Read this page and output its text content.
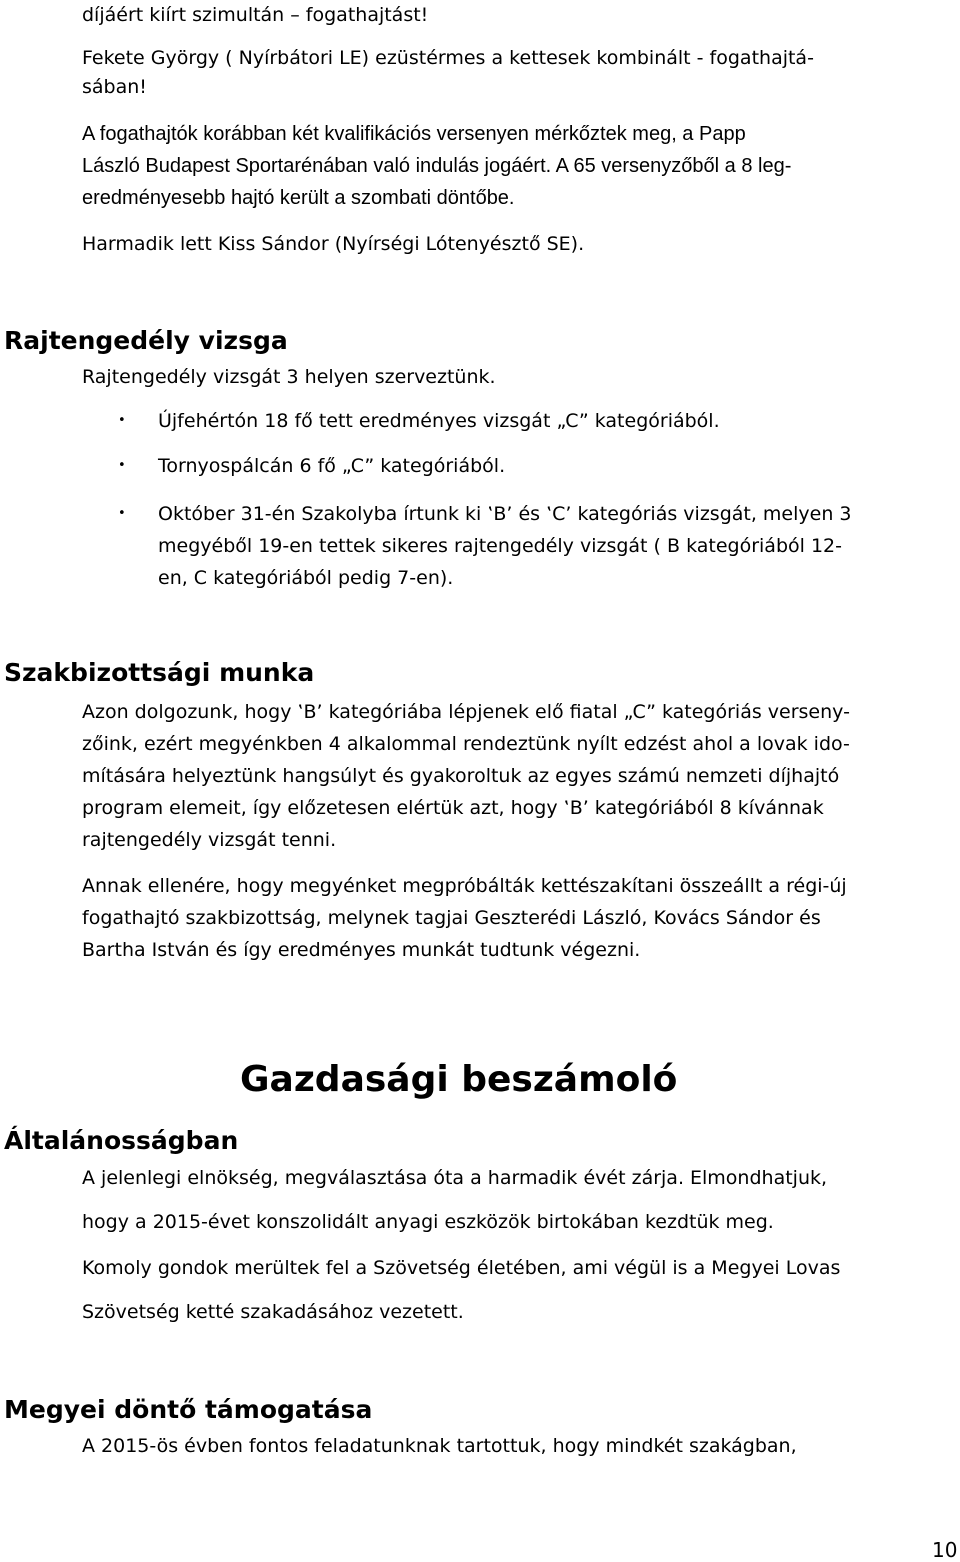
díjáért kiírt szimultán – fogathajtást!
Fekete György ( Nyírbátori LE) ezüstérmes a kettesek kombinált - fogathajtá-
sában!
A fogathajtók korábban két kvalifikációs versenyen mérkőztek meg, a Papp
László Budapest Sportarénában való indulás jogáért. A 65 versenyzőből a 8 leg-
eredményesebb hajtó került a szombati döntőbe.
Harmadik lett Kiss Sándor (Nyírségi Lótenyésztő SE).
Rajtengedély vizsga
Rajtengedély vizsgát 3 helyen szerveztünk.
• Újfehértón 18 fő tett eredményes vizsgát „C” kategóriából.
• Tornyospálcán 6 fő „C” kategóriából.
• Október 31-én Szakolyba írtunk ki ‛B’ és ‛C’ kategóriás vizsgát, melyen 3
megyéből 19-en tettek sikeres rajtengedély vizsgát ( B kategóriából 12-
en, C kategóriából pedig 7-en).
Szakbizottsági munka
Azon dolgozunk, hogy ‛B’ kategóriába lépjenek elő fiatal „C” kategóriás verseny-
zőink, ezért megyénkben 4 alkalommal rendeztünk nyílt edzést ahol a lovak ido-
mítására helyeztünk hangsúlyt és gyakoroltuk az egyes számú nemzeti díjhajtó
program elemeit, így előzetesen elértük azt, hogy ‛B’ kategóriából 8 kívánnak
rajtengedély vizsgát tenni.
Annak ellenére, hogy megyénket megpróbálták kettészakítani összeállt a régi-új
fogathajtó szakbizottság, melynek tagjai Geszterédi László, Kovács Sándor és
Bartha István és így eredményes munkát tudtunk végezni.
Gazdasági beszámoló
Általánosságban
A jelenlegi elnökség, megválasztása óta a harmadik évét zárja. Elmondhatjuk,
hogy a 2015-évet konszolidált anyagi eszközök birtokában kezdtük meg.
Komoly gondok merültek fel a Szövetség életében, ami végül is a Megyei Lovas
Szövetség ketté szakadásához vezetett.
Megyei döntő támogatása
A 2015-ös évben fontos feladatunknak tartottuk, hogy mindkét szakágban,
10
